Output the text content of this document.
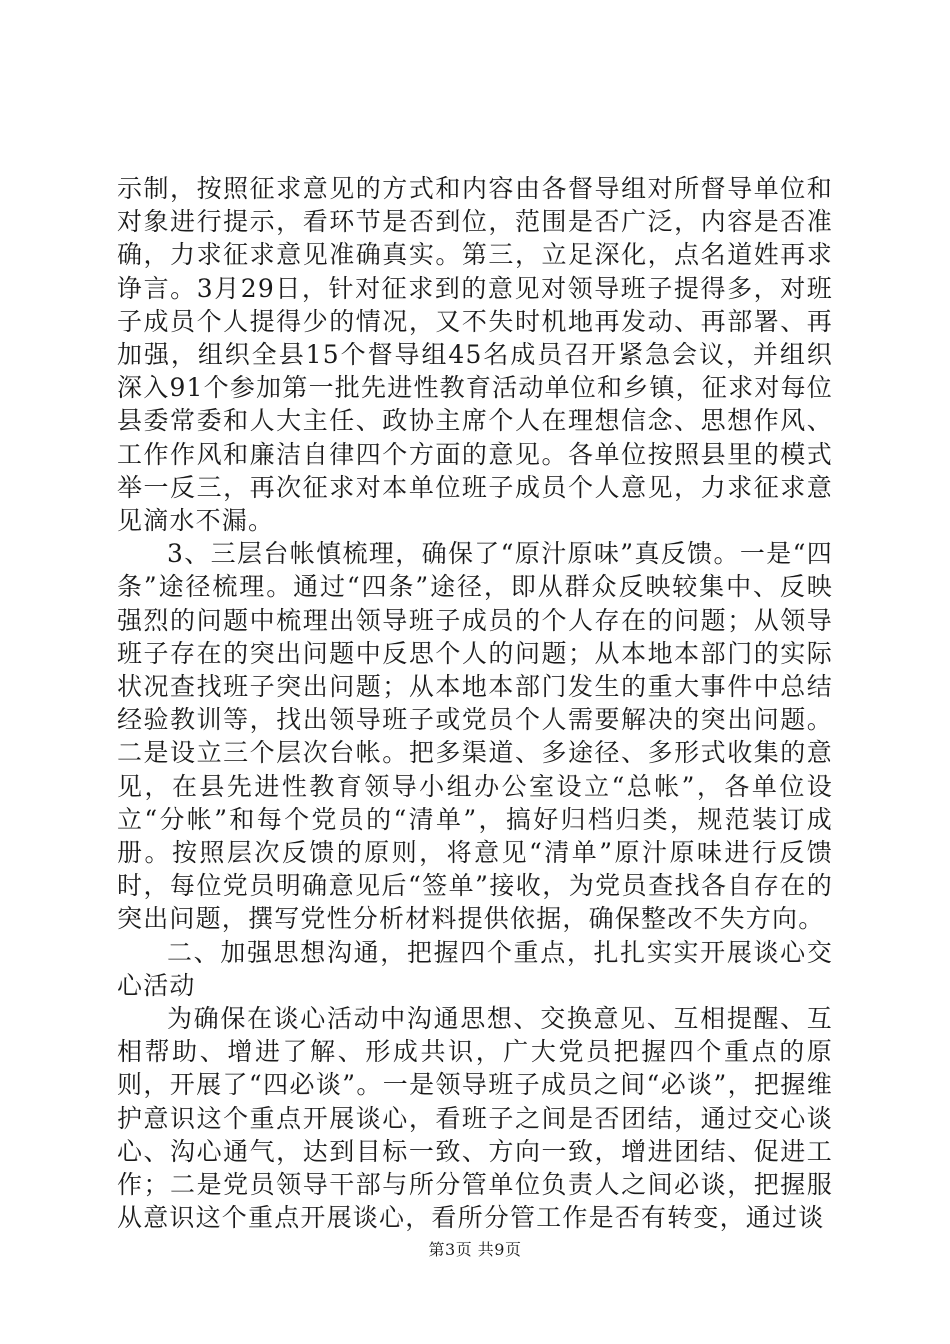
示制，按照征求意见的方式和内容由各督导组对所督导单位和对象进行提示，看环节是否到位，范围是否广泛，内容是否准确，力求征求意见准确真实。第三，立足深化，点名道姓再求诤言。3月29日，针对征求到的意见对领导班子提得多，对班子成员个人提得少的情况，又不失时机地再发动、再部署、再加强，组织全县15个督导组45名成员召开紧急会议，并组织深入91个参加第一批先进性教育活动单位和乡镇，征求对每位县委常委和人大主任、政协主席个人在理想信念、思想作风、工作作风和廉洁自律四个方面的意见。各单位按照县里的模式举一反三，再次征求对本单位班子成员个人意见，力求征求意见滴水不漏。

3、三层台帐慎梳理，确保了“原汁原味”真反馈。一是“四条”途径梳理。通过“四条”途径，即从群众反映较集中、反映强烈的问题中梳理出领导班子成员的个人存在的问题；从领导班子存在的突出问题中反思个人的问题；从本地本部门的实际状况查找班子突出问题；从本地本部门发生的重大事件中总结经验教训等，找出领导班子或党员个人需要解决的突出问题。二是设立三个层次台帐。把多渠道、多途径、多形式收集的意见，在县先进性教育领导小组办公室设立“总帐”，各单位设立“分帐”和每个党员的“清单”，搞好归档归类，规范装订成册。按照层次反馈的原则，将意见“清单”原汁原味进行反馈时，每位党员明确意见后“签单”接收，为党员查找各自存在的突出问题，撰写党性分析材料提供依据，确保整改不失方向。

二、加强思想沟通，把握四个重点，扎扎实实开展谈心交心活动

为确保在谈心活动中沟通思想、交换意见、互相提醒、互相帮助、增进了解、形成共识，广大党员把握四个重点的原则，开展了“四必谈”。一是领导班子成员之间“必谈”，把握维护意识这个重点开展谈心，看班子之间是否团结，通过交心谈心、沟心通气，达到目标一致、方向一致，增进团结、促进工作；二是党员领导干部与所分管单位负责人之间必谈，把握服从意识这个重点开展谈心，看所分管工作是否有转变，通过谈

第3页 共9页
